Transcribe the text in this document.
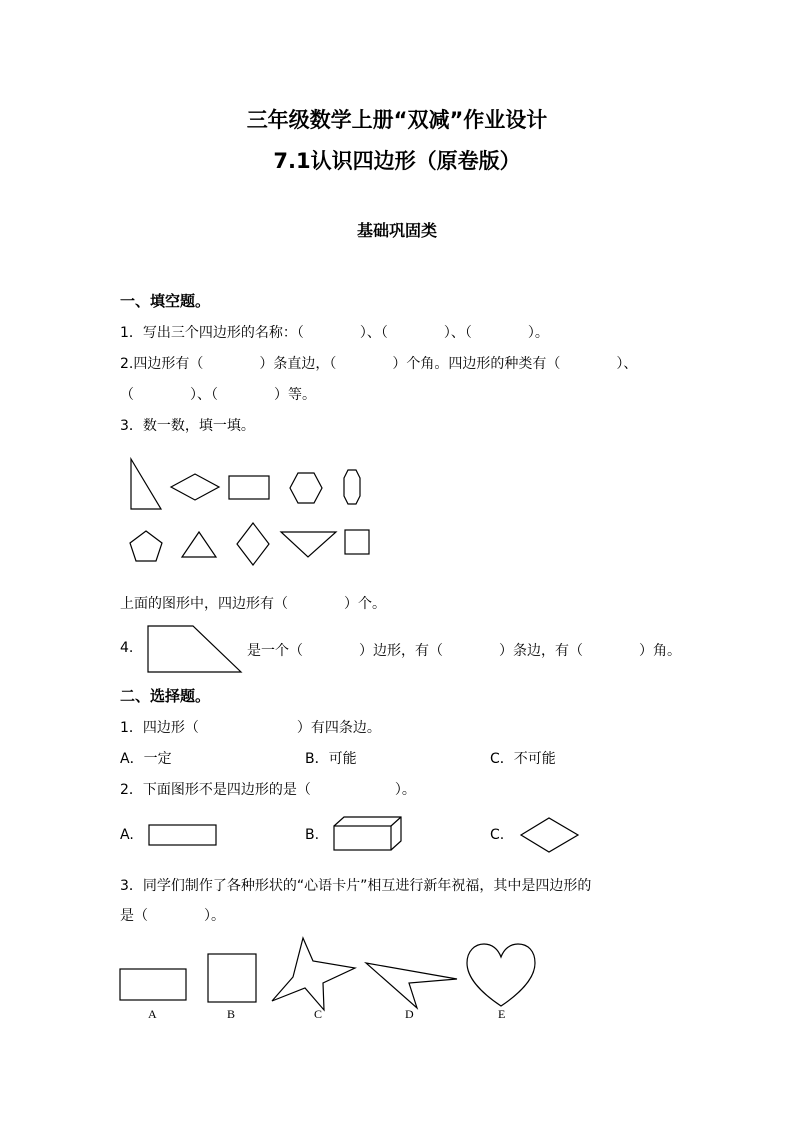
三年级数学上册“双减”作业设计
7.1认识四边形（原卷版）
基础巩固类
一、填空题。
1．写出三个四边形的名称：（　　　　）、（　　　　）、（　　　　）。
2.四边形有（　　　　）条直边，（　　　　）个角。四边形的种类有（　　　　）、
（　　　　）、（　　　　）等。
3．数一数，填一填。
上面的图形中，四边形有（　　　　）个。
4.	是一个（　　　　）边形，有（　　　　）条边，有（　　　　）角。
二、选择题。
1．四边形（　　　　　　　）有四条边。
A．一定	B．可能	C．不可能
2．下面图形不是四边形的是（　　　　　　）。
A.	B.	C.
3．同学们制作了各种形状的“心语卡片”相互进行新年祝福，其中是四边形的
是（　　　　）。
A	B	C	D	E
